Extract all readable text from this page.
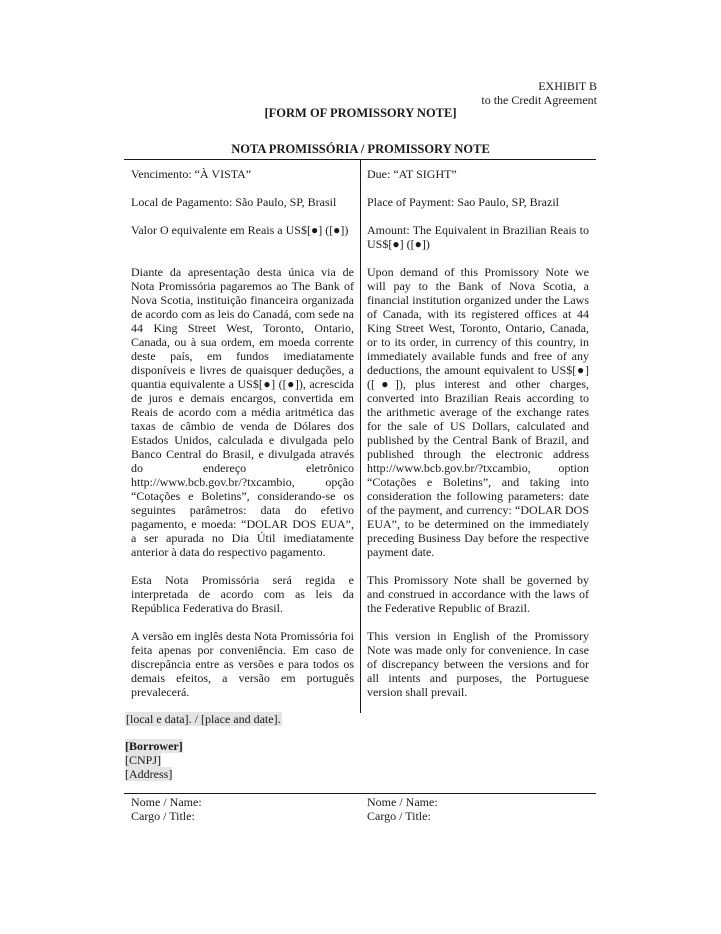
EXHIBIT B
to the Credit Agreement
[FORM OF PROMISSORY NOTE]
NOTA PROMISSÓRIA / PROMISSORY NOTE

Vencimento: “À VISTA”

Local de Pagamento: São Paulo, SP, Brasil

Valor O equivalente em Reais a US$[●] ([●])

Diante da apresentação desta única via de Nota Promissória pagaremos ao The Bank of Nova Scotia, instituição financeira organizada de acordo com as leis do Canadá, com sede na 44 King Street West, Toronto, Ontario, Canada, ou à sua ordem, em moeda corrente deste país, em fundos imediatamente disponíveis e livres de quaisquer deduções, a quantia equivalente a US$[●] ([●]), acrescida de juros e demais encargos, convertida em Reais de acordo com a média aritmética das taxas de câmbio de venda de Dólares dos Estados Unidos, calculada e divulgada pelo Banco Central do Brasil, e divulgada através do endereço eletrônico http://www.bcb.gov.br/?txcambio, opção “Cotações e Boletins”, considerando-se os seguintes parâmetros: data do efetivo pagamento, e moeda: “DOLAR DOS EUA”, a ser apurada no Dia Útil imediatamente anterior à data do respectivo pagamento.

Esta Nota Promissória será regida e interpretada de acordo com as leis da República Federativa do Brasil.

A versão em inglês desta Nota Promissória foi feita apenas por conveniência. Em caso de discrepância entre as versões e para todos os demais efeitos, a versão em português prevalecerá.

Due: “AT SIGHT”

Place of Payment: Sao Paulo, SP, Brazil

Amount: The Equivalent in Brazilian Reais to US$[●] ([●])

Upon demand of this Promissory Note we will pay to the Bank of Nova Scotia, a financial institution organized under the Laws of Canada, with its registered offices at 44 King Street West, Toronto, Ontario, Canada, or to its order, in currency of this country, in immediately available funds and free of any deductions, the amount equivalent to US$[●] ([●]), plus interest and other charges, converted into Brazilian Reais according to the arithmetic average of the exchange rates for the sale of US Dollars, calculated and published by the Central Bank of Brazil, and published through the electronic address http://www.bcb.gov.br/?txcambio, option “Cotações e Boletins”, and taking into consideration the following parameters: date of the payment, and currency: “DOLAR DOS EUA”, to be determined on the immediately preceding Business Day before the respective payment date.

This Promissory Note shall be governed by and construed in accordance with the laws of the Federative Republic of Brazil.

This version in English of the Promissory Note was made only for convenience. In case of discrepancy between the versions and for all intents and purposes, the Portuguese version shall prevail.

[local e data]. / [place and date].
[Borrower]
[CNPJ]
[Address]
Nome / Name:
Cargo / Title:
Nome / Name:
Cargo / Title:
